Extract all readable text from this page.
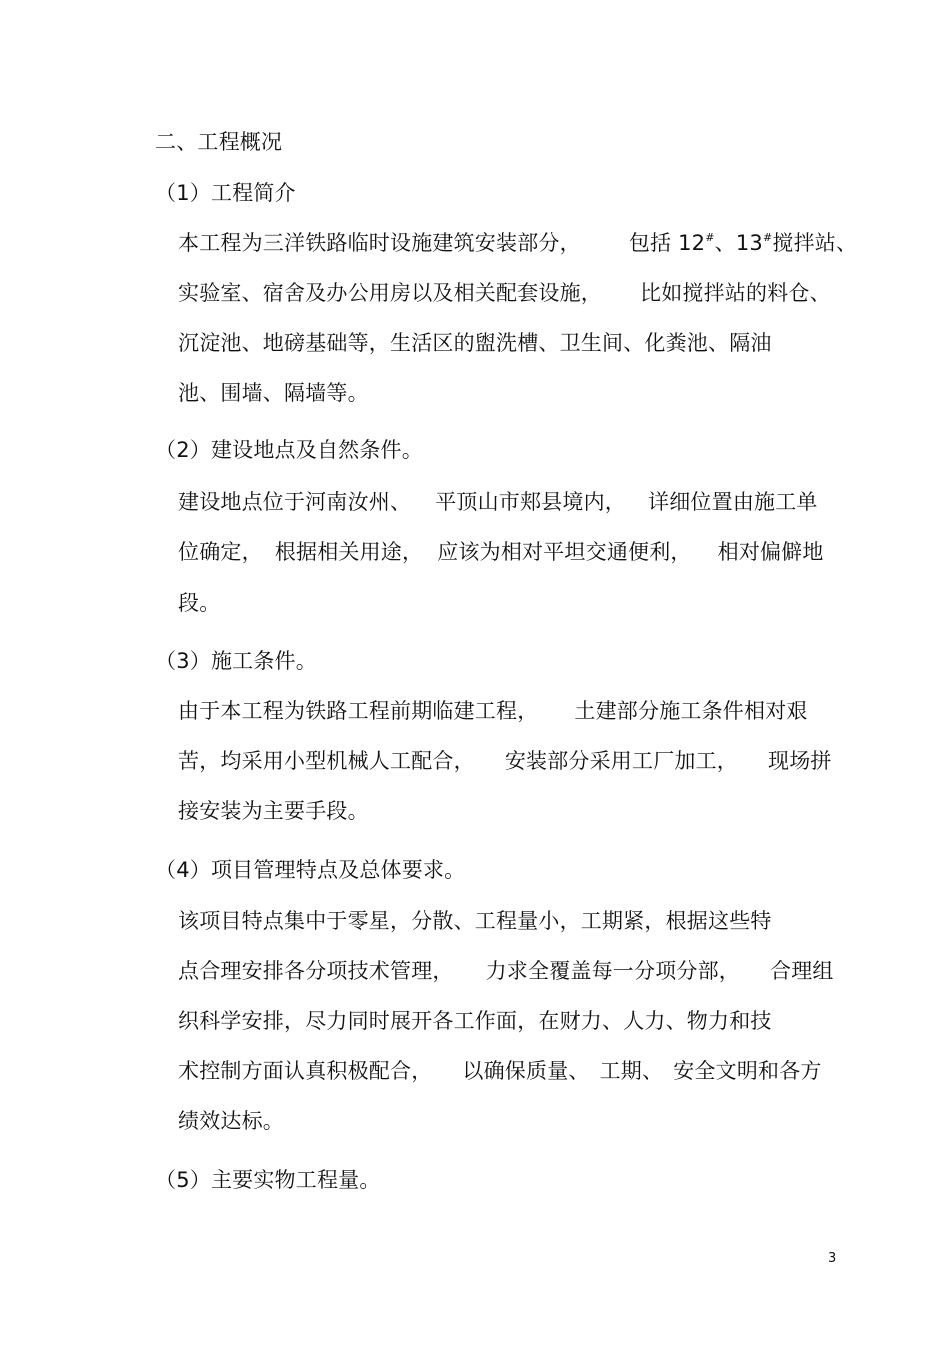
二、工程概况
（1）工程简介
本工程为三洋铁路临时设施建筑安装部分， 包括 12#、13#搅拌站、
实验室、宿舍及办公用房以及相关配套设施， 比如搅拌站的料仓、
沉淀池、地磅基础等，生活区的盥洗槽、卫生间、化粪池、隔油
池、围墙、隔墙等。
（2）建设地点及自然条件。
建设地点位于河南汝州、 平顶山市郏县境内， 详细位置由施工单
位确定， 根据相关用途， 应该为相对平坦交通便利， 相对偏僻地
段。
（3）施工条件。
由于本工程为铁路工程前期临建工程， 土建部分施工条件相对艰
苦，均采用小型机械人工配合， 安装部分采用工厂加工， 现场拼
接安装为主要手段。
（4）项目管理特点及总体要求。
该项目特点集中于零星，分散、工程量小，工期紧，根据这些特
点合理安排各分项技术管理， 力求全覆盖每一分项分部， 合理组
织科学安排，尽力同时展开各工作面，在财力、人力、物力和技
术控制方面认真积极配合， 以确保质量、 工期、 安全文明和各方
绩效达标。
（5）主要实物工程量。
3
